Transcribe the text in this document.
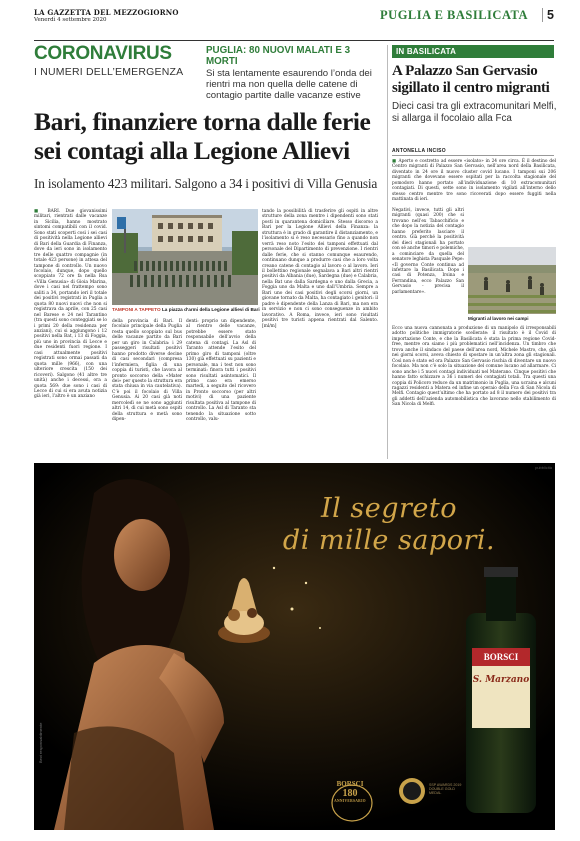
LA GAZZETTA DEL MEZZOGIORNO
Venerdì 4 settembre 2020	PUGLIA E BASILICATA	5
CORONAVIRUS
I NUMERI DELL’EMERGENZA
PUGLIA: 80 NUOVI MALATI E 3 MORTI
Si sta lentamente esaurendo l’onda dei rientri ma non quella delle catene di contagio partite dalle vacanze estive
Bari, finanziere torna dalle ferie sei contagi alla Legione Allievi
In isolamento 423 militari. Salgono a 34 i positivi di Villa Genusia
■ BARI. Due giovanissimi militari, rientrati dalle vacanze in Sicilia, hanno mostrato sintomi compatibili con il covid. Sono stati scoperti così i sei casi di positività nella Legione allievi di Bari della Guardia di Finanza, dove da ieri sono in isolamento tre delle quattro compagnie (in totale 423 persone) in attesa del tampone di controllo. Un nuovo focolaio, dunque, dopo quello scoppiato 72 ore fa nella Rsa «Villa Genusia» di Gioia Marina, dove i casi nel frattempo sono saliti a 34, portando ieri il totale dei positivi registrati in Puglia a quota 80 nuovi nuovi che non si registrava da aprile, con 25 casi nel Barese e 24 nel Tarantino (tra questi sono conteggiati se lo i primi 20 della residenza per anziani), cui si aggiungono i 12 positivi nella Bat, i 13 di Foggia, più uno in provincia di Lecce e due residenti fuori regione. I casi attualmente positivi registrati sono ormai passati da quota mille (966), con una ulteriore crescita (150 dei ricoveri). Salgono (41 altre tre unità) anche i decessi, ora a quota 569: due sono i casi di Lecce di cui si era avuta notizia già ieri, l’altro è un anziano
TAMPONI A TAPPETO La piazza d’armi della Legione allievi di Bari
della provincia di Bari. Il focolaio principale della Puglia resta quello scoppiato sul bus delle vacanze partito da Bari per un giro in Calabria: i 29 passeggeri risultati positivi hanno prodotto diverse decine di casi secondari (compresa l’infermiera, figlia di una coppia di turisti, che lavora al pronto soccorso della «Mater dei» per questo la struttura era stata chiusa in via cautelativa). C’è poi il focolaio di Villa Genusia. Ai 20 casi già noti mercoledì se ne sono aggiunti altri 14, di cui metà sono ospiti della struttura e metà sono dipen-
denti: proprio un dipendente, al rientro delle vacanze, potrebbe essere stato responsabile dell’avvio della catena di contagi. La Asl di Taranto attende l’esito del primo giro di tamponi (oltre 130) già effettuati su pazienti e personale, ma i test non sono terminati: finora tutti i positivi sono risultati asintomatici. Il primo caso era emerso martedì, a seguito del ricovero in Pronto soccorso (per altri motivi) di una paziente risultata positiva al tampone di controllo. La Asl di Taranto sta tenendo la situazione sotto controllo, valu-
tando la possibilità di trasferire gli ospiti in altre strutture della zona mentre i dipendenti sono stati posti in quarantena domiciliare. Stesso discorso a Bari per la Legione Allievi della Finanza: la struttura è in grado di garantire il distanziamento, e l’isolamento si è reso necessario fino a quando non verrà reso noto l’esito dei tamponi effettuati dal personale del Dipartimento di prevenzione. I rientri dalle ferie, che si stanno comunque esaurendo, continuano dunque a produrre casi che a loro volta creano catene di contagio al lavoro o al lavoro. Ieri il bollettino regionale segnalava a Bari altri rientri positivi da Albania (due), Sardegna (due) e Calabria, nella Bat uno dalla Sardegna e uno dalla Grecia, a Foggia uno da Malta e uno dall’Umbria. Sempre a Bari uno dei casi positivi degli scorsi giorni, un giovane tornato da Malta, ha contagiato i genitori: il padre è dipendente della Lanza di Bari, ma non era in servizio e non ci sono conseguenze in ambito lavorativo. A Roma, invece, ieri sono risultati positivi tre turisti appena rientrati dal Salento. [ml/m]
IN BASILICATA
A Palazzo San Gervasio sigillato il centro migranti
Dieci casi tra gli extracomunitari Melfi, si allarga il focolaio alla Fca
ANTONELLA INCISO
■ Aperto e costretto ad essere «isolato» in 24 ore circa. È il destino del Centro migranti di Palazzo San Gervasio, nell’area nord della Basilicata, diventato in 24 ore il nuovo cluster covid lucano. I tamponi sui 206 migranti che dovevano essere ospitati per la raccolta stagionale del pomodoro hanno portato all’individuazione di 10 extracomunitari contagiati. Di questi, sette sono in isolamento vigilati all’interno dello stesso centro mentre tre sono ricoverati dopo essere fuggiti nella mattinata di ieri.
Negativi, invece, tutti gli altri migranti (quasi 200) che si trovano nell’ex Tabacchificio e che dopo la notizia del contagio hanno preferito lasciare il centro. Già perché la positività dei dieci stagionali ha portato con sé anche timori e polemiche, a cominciare da quella del senatore leghista Pasquale Pepe: «Il governo Conte continua ad infettare la Basilicata. Dopo i casi di Potenza, Irsina e Ferrandina, ecco Palazzo San Gervasio - precisa il parlamentare».
Migranti al lavoro nei campi
Ecco una nuova cannonata a produzione di un manipolo di irresponsabili adotto politiche immigratorie scellerate: il risultato è il Covid di importazione Conte, e che la Basilicata è stata la prima regione Covid-free, mentre ora siamo i più problematici nell’incidenza. Un timbro che trova anche il sindaco del paese dell’area nord, Michele Mastro, che, già nei giorni scorsi, aveva chiesto di spostare in un’altra zona gli stagionali. Così non è stato ed ora Palazzo San Gervasio rischia di diventare un nuovo focolaio. Ma non c’è solo la situazione del comune lucano ad allarmare. Ci sono anche i 5 nuovi contagi individuati nel Materano. Cinque positivi che hanno fatto schizzare a 36 i numeri dei contagiati totali. Tra questi una coppia di Policoro reduce da un matrimonio in Puglia, una ucraina e alcuni ragazzi residenti a Matera ed infine un operaio della Fca di San Nicola di Melfi. Contagio quest’ultimo che ha portato ad 8 il numero dei positivi tra gli addetti dell’azienda automobilistica che lavorano nello stabilimento di San Nicola di Melfi.
Il segreto
di mille sapori.
BORSCI
S. Marzano
BORSCI
180
ANNIVERSARIO
SSP AWARDS 2019 DOUBLE GOLD MEDAL
Bevi responsabilmente
pubblicità
